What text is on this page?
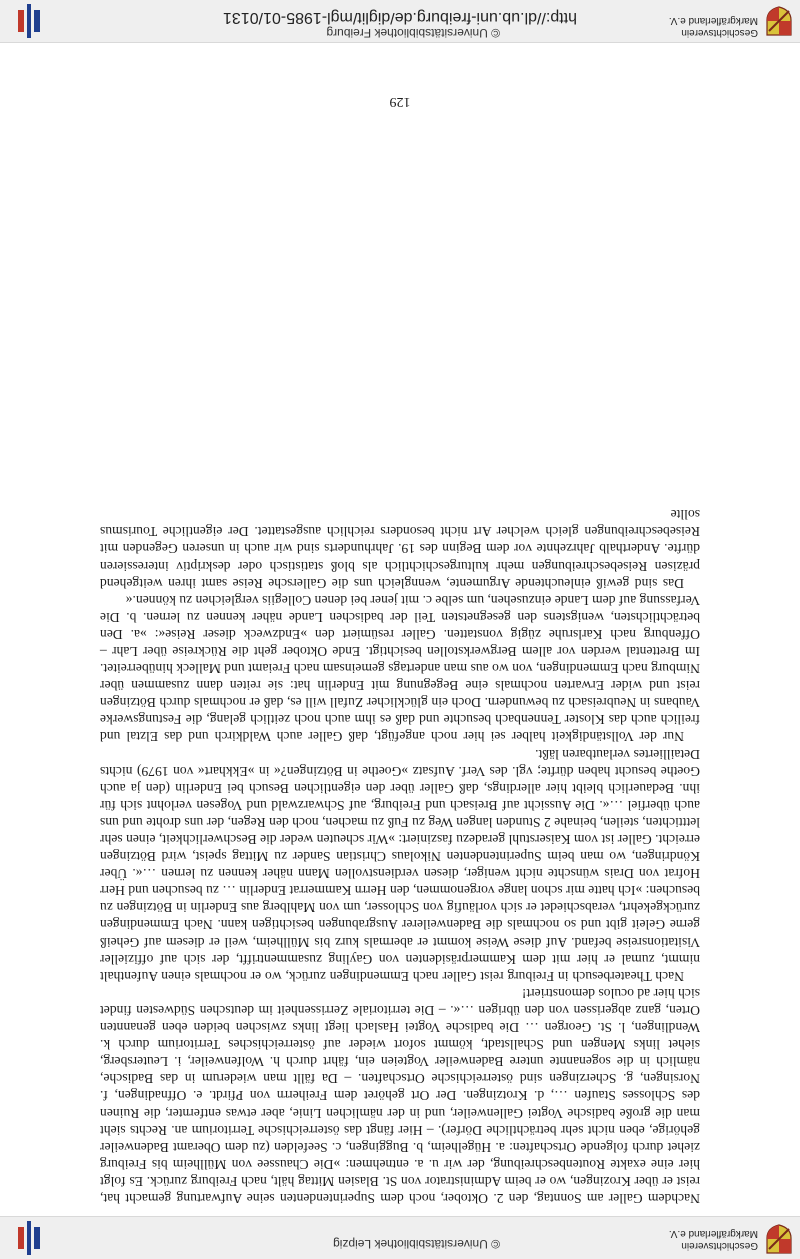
Geschichtsverein
Markgräflerland e.V.
© Universitätsbibliothek Leipzig

Nachdem Galler am Sonntag, den 2. Oktober, noch dem Superintendenten seine Aufwartung gemacht hat, reist er über Krozingen, wo er beim Administrator von St. Blasien Mittag hält, nach Freiburg zurück. Es folgt hier eine exakte Routenbeschreibung, der wir u. a. entnehmen: »Die Chaussee von Müllheim bis Freiburg ziehet durch folgende Ortschaften: a. Hügelheim, b. Buggingen, c. Seefelden (zu dem Oberamt Badenweiler gehörige, eben nicht sehr beträchtliche Dörfer). – Hier fängt das österreichische Territorium an. Rechts sieht man die große badische Vogtei Gallenweiler, und in der nämlichen Linie, aber etwas entfernter, die Ruinen des Schlosses Staufen …, d. Krotzingen. Der Ort gehöret dem Freiherrn von Pfirdt. e. Offnadingen, f. Norsingen, g. Scherzingen sind österreichische Ortschaften. – Da fällt man wiederum in das Badische, nämlich in die sogenannte untere Badenweiler Vogteien ein, fährt durch h. Wolfenweiler, i. Leutersberg, siehet links Mengen und Schallstadt, kömmt sofort wieder auf österreichisches Territorium durch k. Wendlingen, l. St. Georgen … Die badische Vogtei Haslach liegt links zwischen beiden eben genannten Orten, ganz abgerissen von den übrigen …«. – Die territoriale Zerrissenheit im deutschen Südwesten findet sich hier ad oculos demonstriert!

Nach Theaterbesuch in Freiburg reist Galler nach Emmendingen zurück, wo er nochmals einen Aufenthalt nimmt, zumal er hier mit dem Kammerpräsidenten von Gayling zusammentrifft, der sich auf offizieller Visitationsreise befand. Auf diese Weise kommt er abermals kurz bis Müllheim, weil er diesem auf Geheiß gerne Geleit gibt und so nochmals die Badenweilerer Ausgrabungen besichtigen kann. Nach Emmendingen zurückgekehrt, verabschiedet er sich vorläufig von Schlosser, um von Mahlberg aus Enderlin in Bötzingen zu besuchen: »Ich hatte mir schon lange vorgenommen, den Herrn Kammerrat Enderlin … zu besuchen und Herr Hofrat von Drais wünschte nicht weniger, diesen verdienstvollen Mann näher kennen zu lernen …«. Über Köndringen, wo man beim Superintendenten Nikolaus Christian Sander zu Mittag speist, wird Bötzingen erreicht. Galler ist vom Kaiserstuhl geradezu fasziniert: »Wir scheuten weder die Beschwerlichkeit, einen sehr letttichten, steilen, beinahe 2 Stunden langen Weg zu Fuß zu machen, noch den Regen, der uns drohte und uns auch überfiel …«. Die Aussicht auf Breisach und Freiburg, auf Schwarzwald und Vogesen verlohnt sich für ihn. Bedauerlich bleibt hier allerdings, daß Galler über den eigentlichen Besuch bei Enderlin (den ja auch Goethe besucht haben dürfte; vgl. des Verf. Aufsatz »Goethe in Bötzingen?« in »Ekkhart« von 1979) nichts Detailliertes verlautbaren läßt.

Nur der Vollständigkeit halber sei hier noch angefügt, daß Galler auch Waldkirch und das Elztal und freilich auch das Kloster Tennenbach besuchte und daß es ihm auch noch zeitlich gelang, die Festungswerke Vaubans in Neubreisach zu bewundern. Doch ein glücklicher Zufall will es, daß er nochmals durch Bötzingen reist und wider Erwarten nochmals eine Begegnung mit Enderlin hat: sie reiten dann zusammen über Nimburg nach Emmendingen, von wo aus man andertags gemeinsam nach Freiamt und Malleck hinüberreitet. Im Brettental werden vor allem Bergwerkstollen besichtigt. Ende Oktober geht die Rückreise über Lahr – Offenburg nach Karlsruhe zügig vonstatten. Galler resümiert den »Endzweck dieser Reise«: »a. Den beträchtlichsten, wenigstens den gesegnetsten Teil der badischen Lande näher kennen zu lernen. b. Die Verfassung auf dem Lande einzusehen, um selbe c. mit jener bei denen Collegiis vergleichen zu können.«

Das sind gewiß einleuchtende Argumente, wenngleich uns die Gallersche Reise samt ihren weitgehend präzisen Reisebeschreibungen mehr kulturgeschichtlich als bloß statistisch oder deskriptiv interessieren dürfte. Anderthalb Jahrzehnte vor dem Beginn des 19. Jahrhunderts sind wir auch in unseren Gegenden mit Reisebeschreibungen gleich welcher Art nicht besonders reichlich ausgestattet. Der eigentliche Tourismus sollte

129
Geschichtsverein
Markgräflerland e.V.
© Universitätsbibliothek Freiburg
http://dl.ub.uni-freiburg.de/diglit/mgl-1985-01/0131
